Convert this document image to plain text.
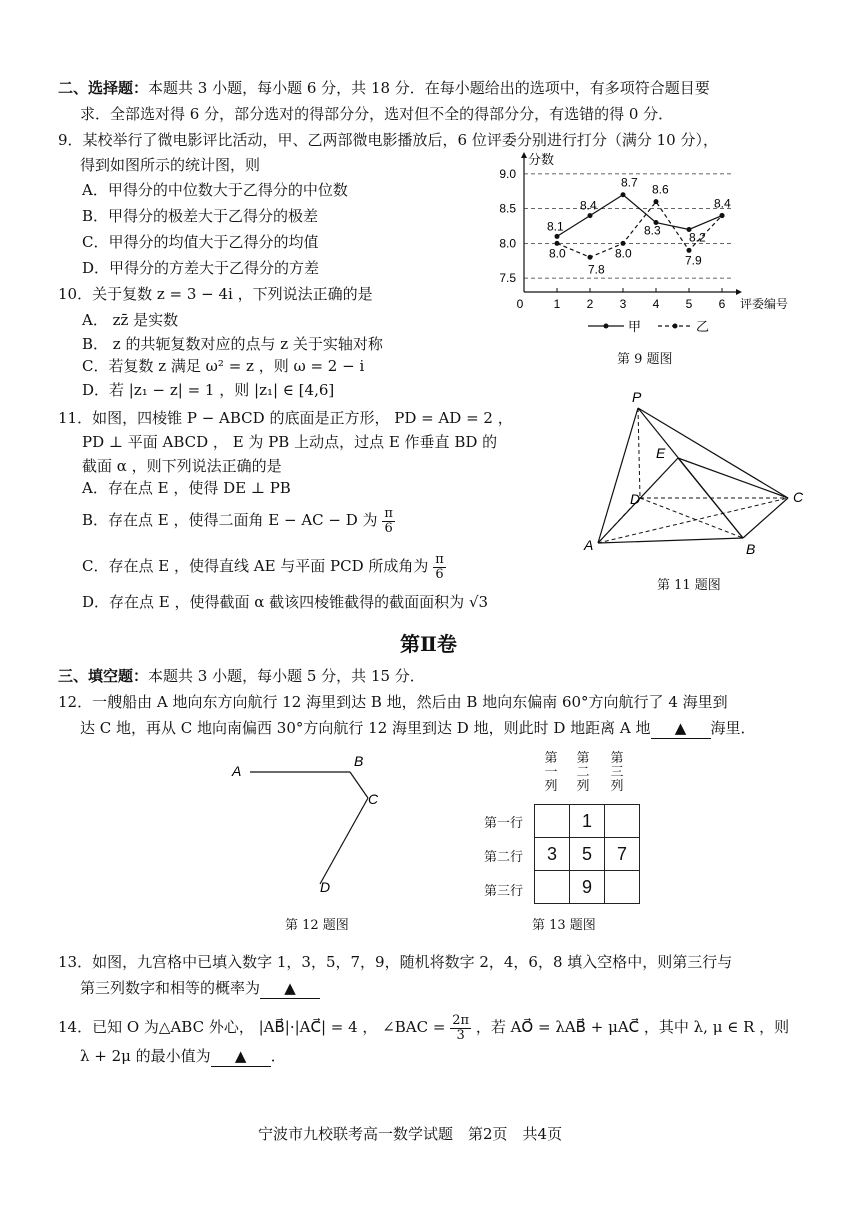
二、选择题：本题共 3 小题，每小题 6 分，共 18 分．在每小题给出的选项中，有多项符合题目要
求．全部选对得 6 分，部分选对的得部分分，选对但不全的得部分分，有选错的得 0 分．
9．某校举行了微电影评比活动，甲、乙两部微电影播放后，6 位评委分别进行打分（满分 10 分），
得到如图所示的统计图，则
A．甲得分的中位数大于乙得分的中位数
B．甲得分的极差大于乙得分的极差
C．甲得分的均值大于乙得分的均值
D．甲得分的方差大于乙得分的方差
分数
7.5
8.0
8.5
9.0
0	1 2 3 4 5 6 评委编号
8.1
8.4
8.7
8.3 8.2
8.4
8.0
7.8
8.0
8.6
7.9
甲	乙
第 9 题图
10．关于复数 z = 3 − 4i ，下列说法正确的是
A． zz̄ 是实数
B． z 的共轭复数对应的点与 z 关于实轴对称
C．若复数 z 满足 ω² = z ，则 ω = 2 − i
D．若 |z₁ − z| = 1 ，则 |z₁| ∈ [4,6]
11．如图，四棱锥 P − ABCD 的底面是正方形， PD = AD = 2 ，
PD ⊥ 平面 ABCD ， E 为 PB 上动点，过点 E 作垂直 BD 的
截面 α ，则下列说法正确的是
A．存在点 E ，使得 DE ⊥ PB
B．存在点 E ，使得二面角 E − AC − D 为 $\frac{\pi}{6}$
C．存在点 E ，使得直线 AE 与平面 PCD 所成角为 $\frac{\pi}{6}$
D．存在点 E ，使得截面 α 截该四棱锥截得的截面面积为 √3
P
E
D	C
A	B
第 11 题图
第Ⅱ卷
三、填空题：本题共 3 小题，每小题 5 分，共 15 分．
12．一艘船由 A 地向东方向航行 12 海里到达 B 地，然后由 B 地向东偏南 60°方向航行了 4 海里到
达 C 地，再从 C 地向南偏西 30°方向航行 12 海里到达 D 地，则此时 D 地距离 A 地 ▲ 海里．
A
B
C
D
第 12 题图
第一列
第二列
第三列
第一行
第二行
第三行
	1	
3	5	7
	9	
第 13 题图
13．如图，九宫格中已填入数字 1，3，5，7，9，随机将数字 2，4，6，8 填入空格中，则第三行与
第三列数字和相等的概率为 ▲
14．已知 O 为△ABC 外心， |AB⃗|·|AC⃗| = 4 ， ∠BAC = $\frac{2\pi}{3}$ ，若 AO⃗ = λAB⃗ + μAC⃗ ，其中 λ, μ ∈ R ，则
λ + 2μ 的最小值为 ▲ ．
宁波市九校联考高一数学试题　第2页　共4页
